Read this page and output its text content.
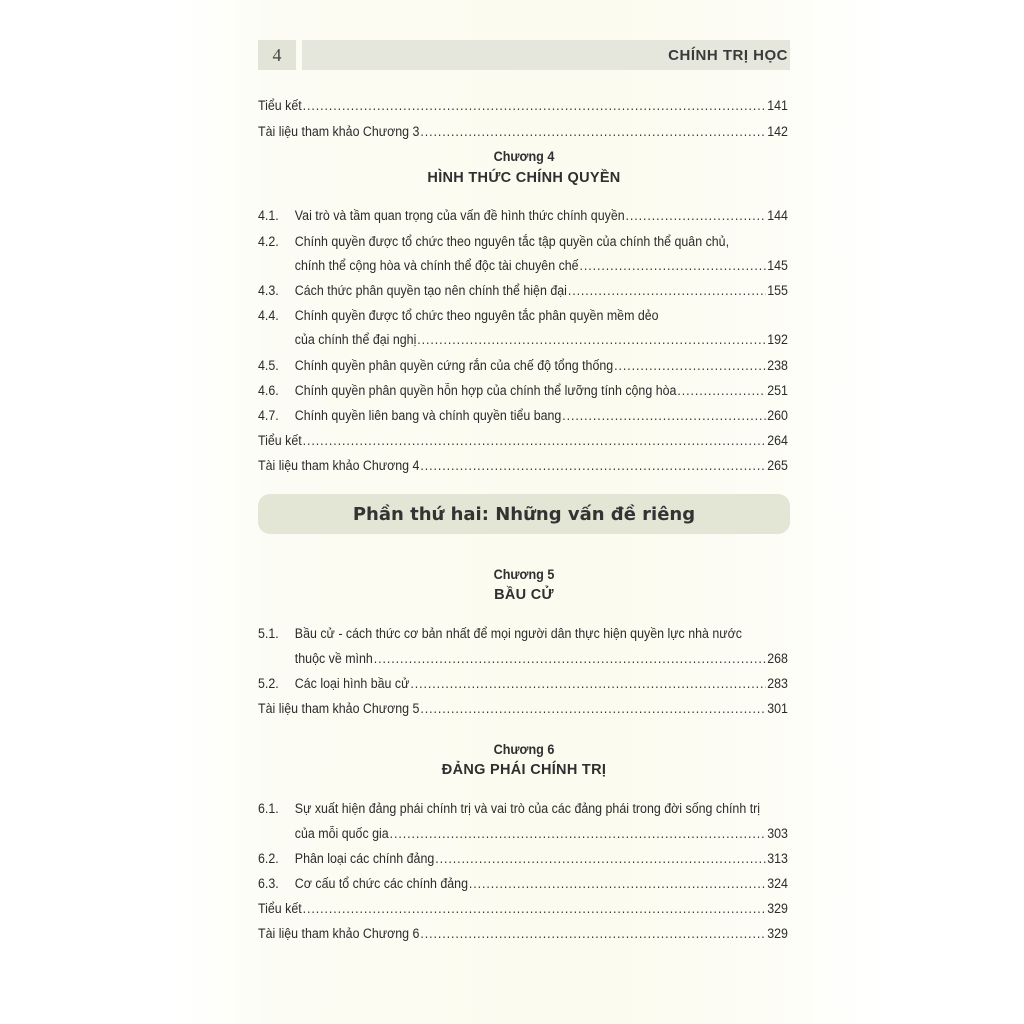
4	CHÍNH TRỊ HỌC
Tiểu kết .....	141
Tài liệu tham khảo Chương 3 .....	142
Chương 4
HÌNH THỨC CHÍNH QUYỀN
4.1.	Vai trò và tầm quan trọng của vấn đề hình thức chính quyền .....	144
4.2. Chính quyền được tổ chức theo nguyên tắc tập quyền của chính thể quân chủ,
chính thể cộng hòa và chính thể độc tài chuyên chế .....	145
4.3.	Cách thức phân quyền tạo nên chính thể hiện đại .....	155
4.4. Chính quyền được tổ chức theo nguyên tắc phân quyền mềm dẻo
của chính thể đại nghị .....	192
4.5.	Chính quyền phân quyền cứng rắn của chế độ tổng thống .....	238
4.6.	Chính quyền phân quyền hỗn hợp của chính thể lưỡng tính cộng hòa .....	251
4.7.	Chính quyền liên bang và chính quyền tiểu bang .....	260
Tiểu kết .....	264
Tài liệu tham khảo Chương 4 .....	265
Phần thứ hai: Những vấn đề riêng
Chương 5
BẦU CỬ
5.1. Bầu cử - cách thức cơ bản nhất để mọi người dân thực hiện quyền lực nhà nước
thuộc về mình .....	268
5.2.	Các loại hình bầu cử .....	283
Tài liệu tham khảo Chương 5 .....	301
Chương 6
ĐẢNG PHÁI CHÍNH TRỊ
6.1. Sự xuất hiện đảng phái chính trị và vai trò của các đảng phái trong đời sống chính trị
của mỗi quốc gia .....	303
6.2.	Phân loại các chính đảng .....	313
6.3.	Cơ cấu tổ chức các chính đảng .....	324
Tiểu kết .....	329
Tài liệu tham khảo Chương 6 .....	329
